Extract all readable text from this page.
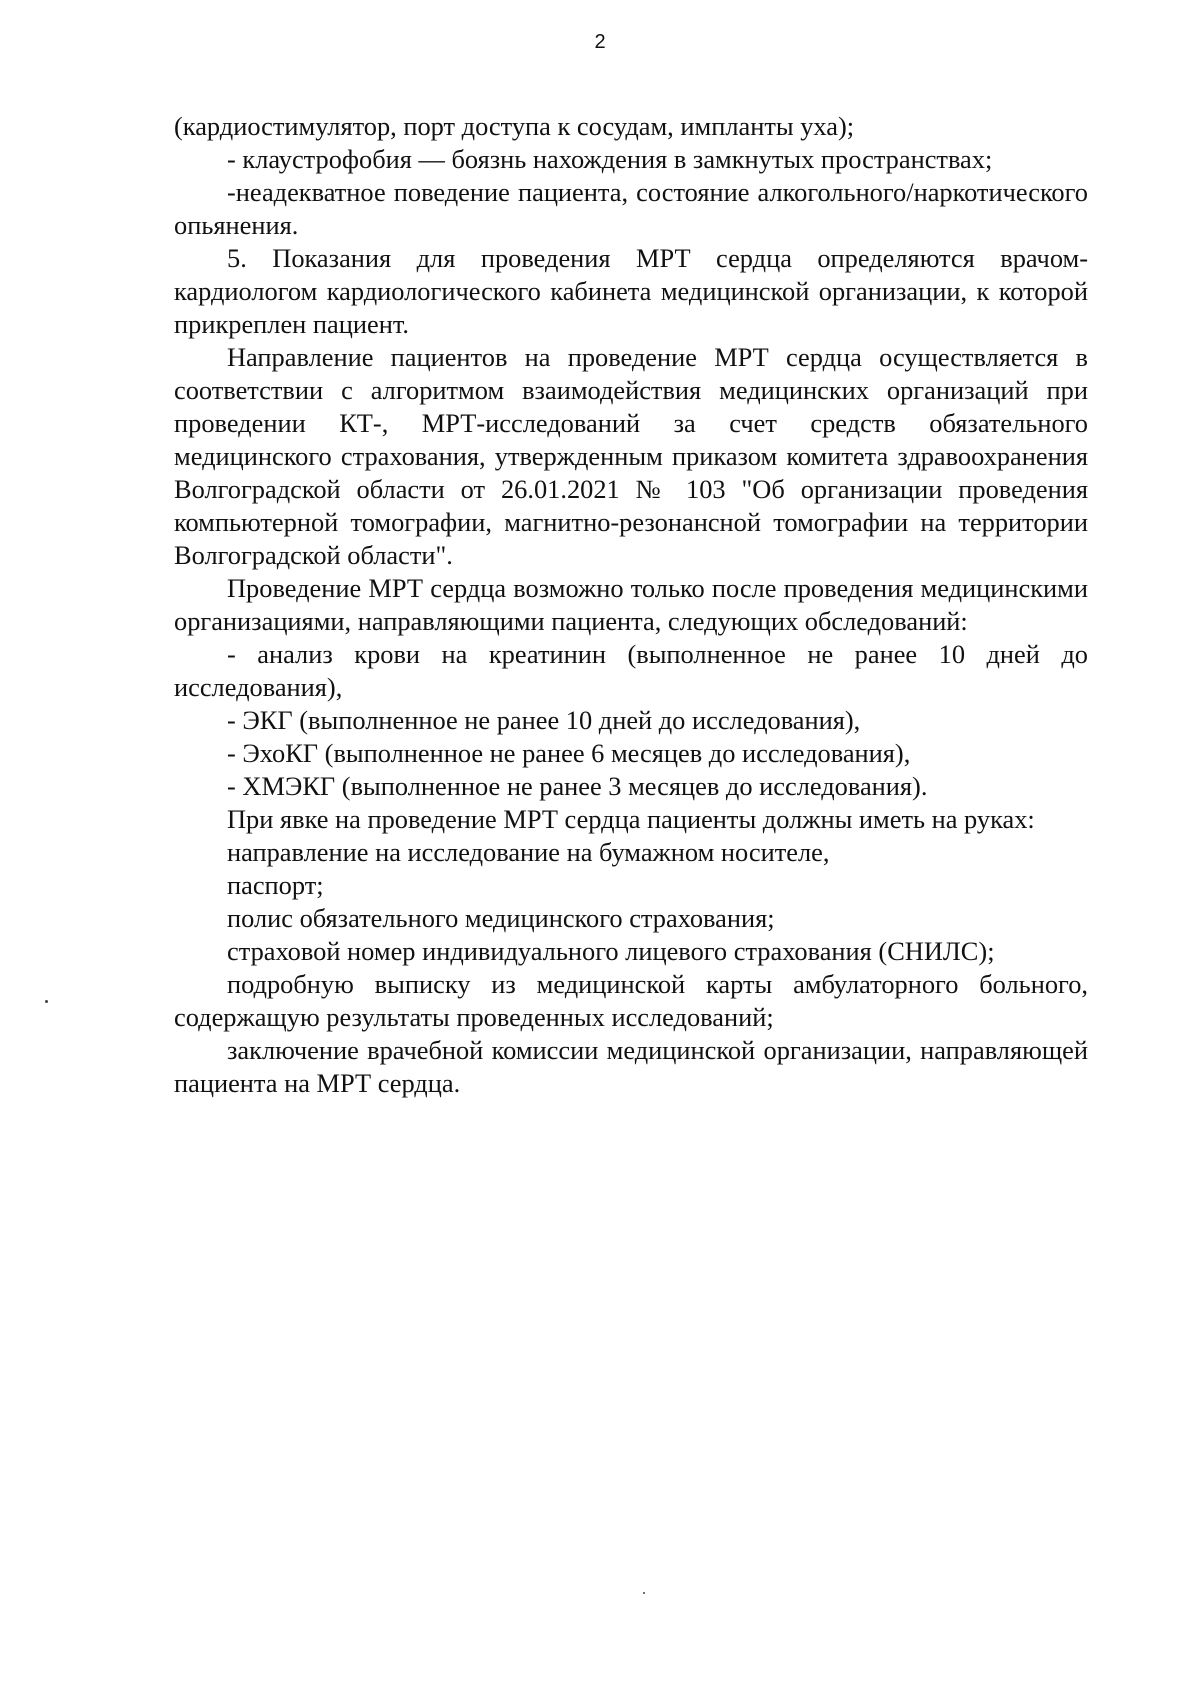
2

(кардиостимулятор, порт доступа к сосудам, импланты уха);

- клаустрофобия — боязнь нахождения в замкнутых пространствах;

-неадекватное поведение пациента, состояние алкогольного/наркотического опьянения.

5. Показания для проведения МРТ сердца определяются врачом-кардиологом кардиологического кабинета медицинской организации, к которой прикреплен пациент.

Направление пациентов на проведение МРТ сердца осуществляется в соответствии с алгоритмом взаимодействия медицинских организаций при проведении КТ-, МРТ-исследований за счет средств обязательного медицинского страхования, утвержденным приказом комитета здравоохранения Волгоградской области от 26.01.2021 № 103 "Об организации проведения компьютерной томографии, магнитно-резонансной томографии на территории Волгоградской области".

Проведение МРТ сердца возможно только после проведения медицинскими организациями, направляющими пациента, следующих обследований:

- анализ крови на креатинин (выполненное не ранее 10 дней до исследования),

- ЭКГ (выполненное не ранее 10 дней до исследования),

- ЭхоКГ (выполненное не ранее 6 месяцев до исследования),

- ХМЭКГ (выполненное не ранее 3 месяцев до исследования).

При явке на проведение МРТ сердца пациенты должны иметь на руках:

направление на исследование на бумажном носителе,

паспорт;

полис обязательного медицинского страхования;

страховой номер индивидуального лицевого страхования (СНИЛС);

подробную выписку из медицинской карты амбулаторного больного, содержащую результаты проведенных исследований;

заключение врачебной комиссии медицинской организации, направляющей пациента на МРТ сердца.
